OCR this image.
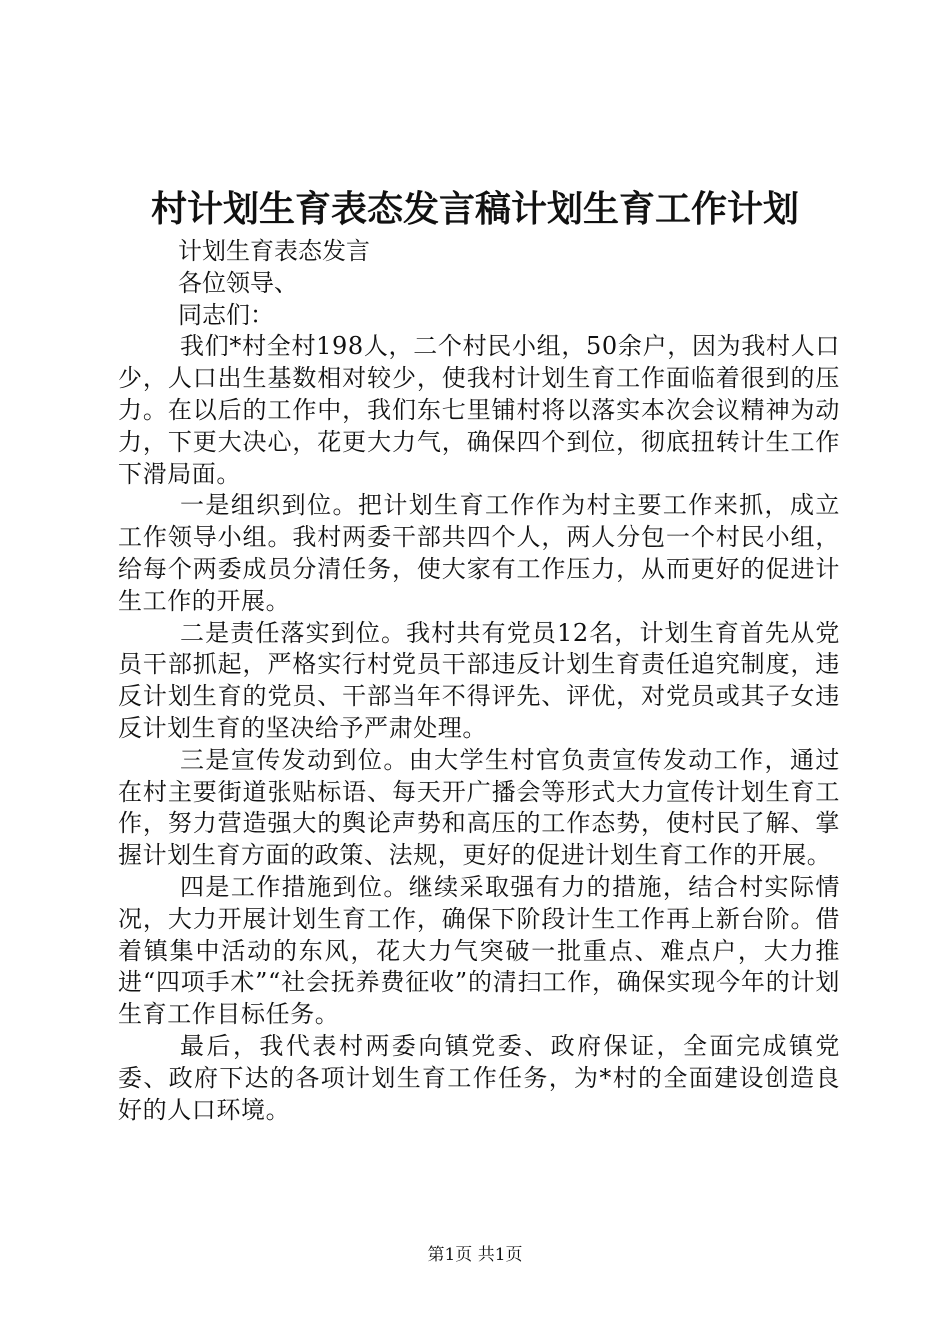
村计划生育表态发言稿计划生育工作计划

计划生育表态发言

各位领导、

同志们：

我们*村全村198人，二个村民小组，50余户，因为我村人口少，人口出生基数相对较少，使我村计划生育工作面临着很到的压力。在以后的工作中，我们东七里铺村将以落实本次会议精神为动力，下更大决心，花更大力气，确保四个到位，彻底扭转计生工作下滑局面。

一是组织到位。把计划生育工作作为村主要工作来抓，成立工作领导小组。我村两委干部共四个人，两人分包一个村民小组，给每个两委成员分清任务，使大家有工作压力，从而更好的促进计生工作的开展。

二是责任落实到位。我村共有党员12名，计划生育首先从党员干部抓起，严格实行村党员干部违反计划生育责任追究制度，违反计划生育的党员、干部当年不得评先、评优，对党员或其子女违反计划生育的坚决给予严肃处理。

三是宣传发动到位。由大学生村官负责宣传发动工作，通过在村主要街道张贴标语、每天开广播会等形式大力宣传计划生育工作，努力营造强大的舆论声势和高压的工作态势，使村民了解、掌握计划生育方面的政策、法规，更好的促进计划生育工作的开展。

四是工作措施到位。继续采取强有力的措施，结合村实际情况，大力开展计划生育工作，确保下阶段计生工作再上新台阶。借着镇集中活动的东风，花大力气突破一批重点、难点户，大力推进“四项手术”“社会抚养费征收”的清扫工作，确保实现今年的计划生育工作目标任务。

最后，我代表村两委向镇党委、政府保证，全面完成镇党委、政府下达的各项计划生育工作任务，为*村的全面建设创造良好的人口环境。

第1页 共1页
